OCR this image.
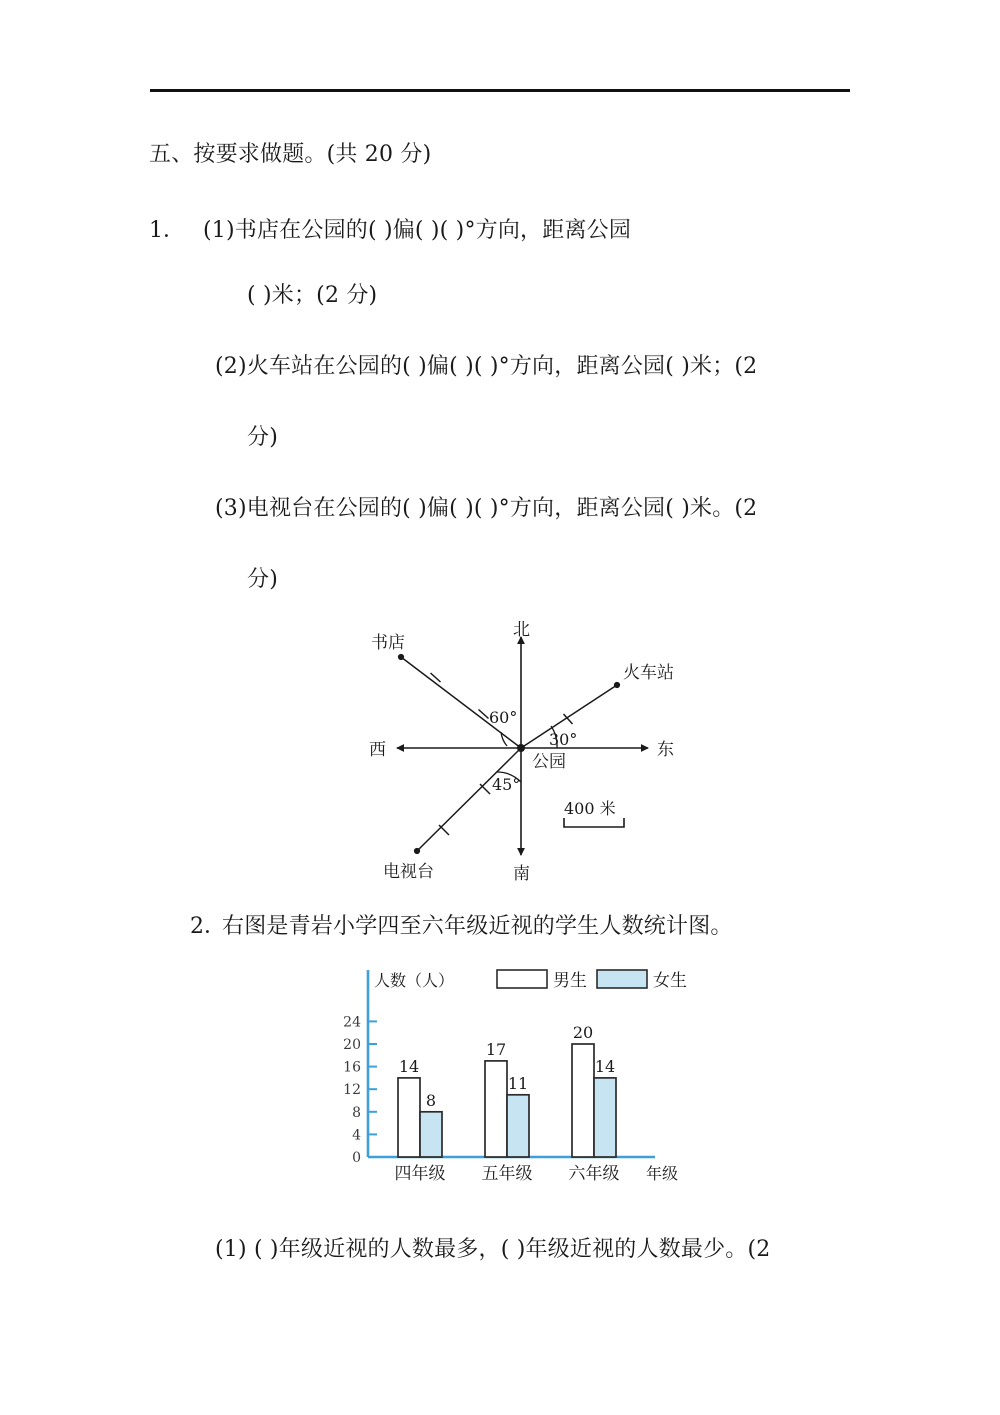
五、按要求做题。(共 20 分)
1． (1)书店在公园的( )偏( )( )°方向，距离公园
( )米；(2 分)
(2)火车站在公园的( )偏( )( )°方向，距离公园( )米；(2
分)
(3)电视台在公园的( )偏( )( )°方向，距离公园( )米。(2
分)
公园
北
南
东
西
书店
火车站
电视台
60°
30°
45°
400 米
2．
右图是青岩小学四至六年级近视的学生人数统计图。
0
4
8
12
16
20
24
人数（人）	男生	女生
14
8
17
11
20
14
四年级 五年级 六年级 年级
(1) ( )年级近视的人数最多，( )年级近视的人数最少。(2
